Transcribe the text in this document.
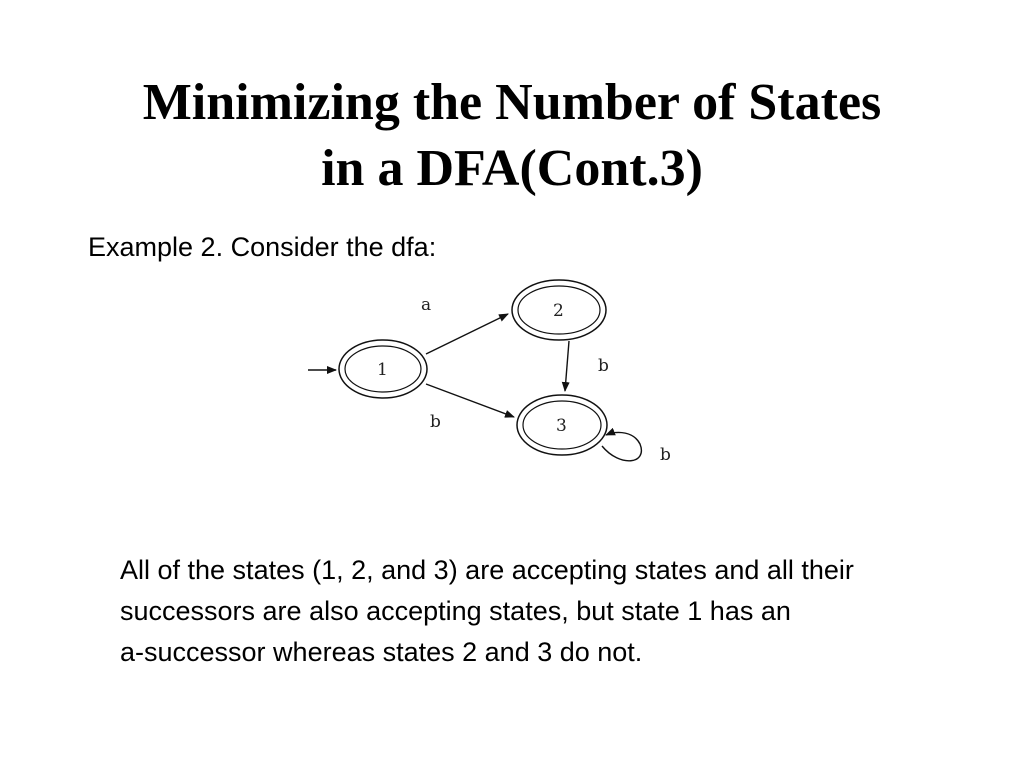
Minimizing the Number of States
in a DFA(Cont.3)

Example 2. Consider the dfa:

1
2
3
a
b
b
b
All of the states (1, 2, and 3) are accepting states and all their
successors are also accepting states, but state 1 has an
a-successor whereas states 2 and 3 do not.
